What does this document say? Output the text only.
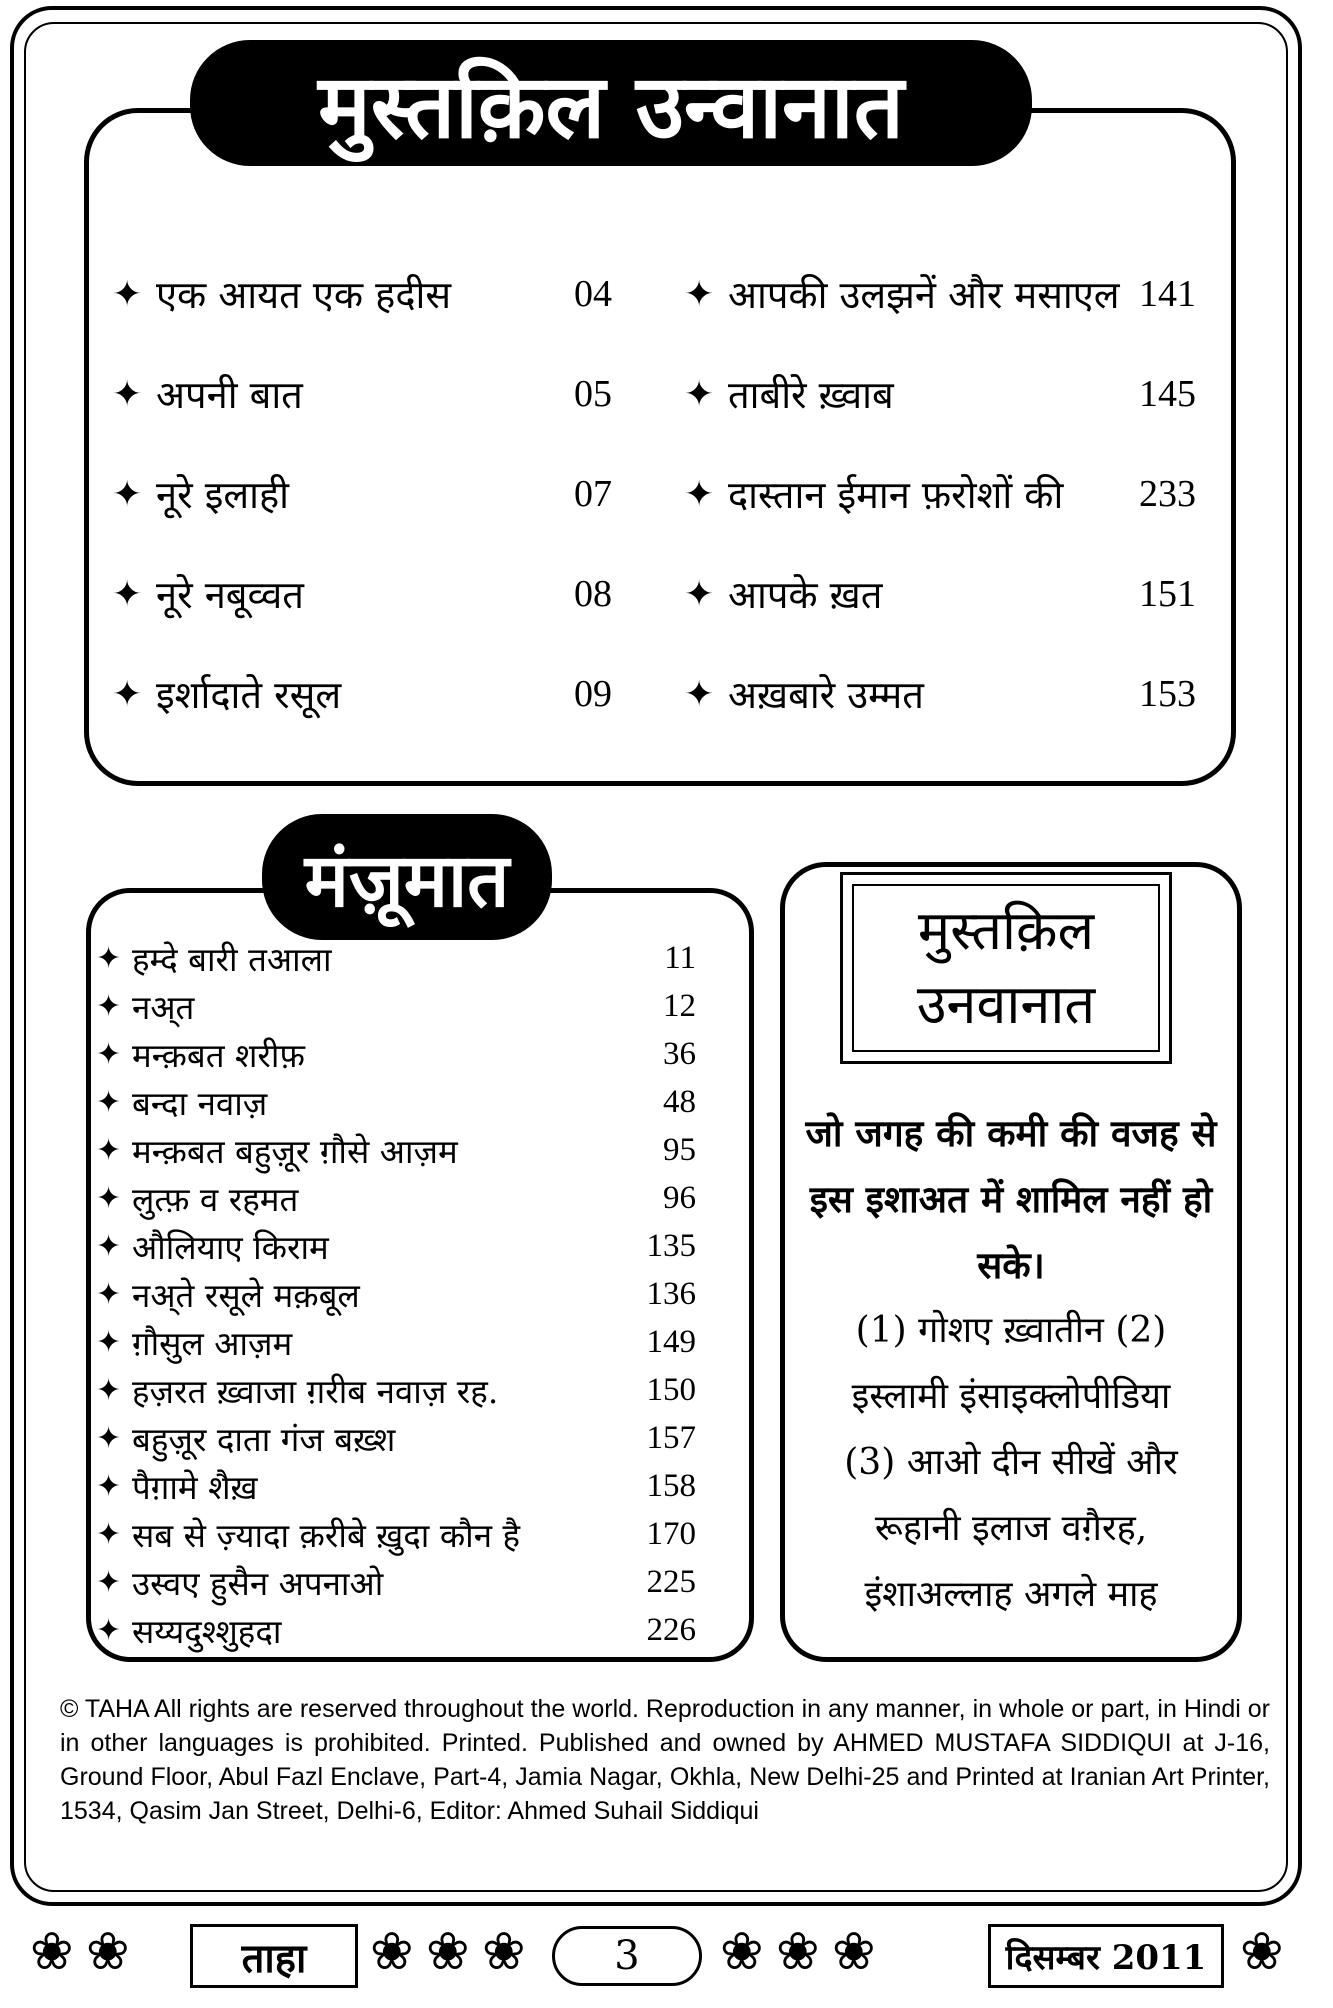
मुस्तक़िल उन्वानात
✦ एक आयत एक हदीस	04
✦ अपनी बात	05
✦ नूरे इलाही	07
✦ नूरे नबूव्वत	08
✦ इर्शादाते रसूल	09
✦ आपकी उलझनें और मसाएल 141
✦ ताबीरे ख़्वाब	145
✦ दास्तान ईमान फ़रोशों की	233
✦ आपके ख़त	151
✦ अख़बारे उम्मत	153
मंज़ूमात
✦ हम्दे बारी तआला	11
✦ नअ्त	12
✦ मन्क़बत शरीफ़	36
✦ बन्दा नवाज़	48
✦ मन्क़बत बहुज़ूर ग़ौसे आज़म	95
✦ लुत्फ़ व रहमत	96
✦ औलियाए किराम	135
✦ नअ्ते रसूले मक़बूल	136
✦ ग़ौसुल आज़म	149
✦ हज़रत ख़्वाजा ग़रीब नवाज़ रह.	150
✦ बहुज़ूर दाता गंज बख़्श	157
✦ पैग़ामे शैख़	158
✦ सब से ज़्यादा क़रीबे ख़ुदा कौन है	170
✦ उस्वए हुसैन अपनाओ	225
✦ सय्यदुश्शुहदा	226
मुस्तक़िल
उनवानात
जो जगह की कमी की वजह से इस इशाअत में शामिल नहीं हो सके।
(1) गोशए ख़्वातीन (2)
इस्लामी इंसाइक्लोपीडिया
(3) आओ दीन सीखें और
रूहानी इलाज वग़ैरह,
इंशाअल्लाह अगले माह
© TAHA All rights are reserved throughout the world. Reproduction in any manner, in whole or part, in Hindi or in other languages is prohibited. Printed. Published and owned by AHMED MUSTAFA SIDDIQUI at J-16, Ground Floor, Abul Fazl Enclave, Part-4, Jamia Nagar, Okhla, New Delhi-25 and Printed at Iranian Art Printer, 1534, Qasim Jan Street, Delhi-6, Editor: Ahmed Suhail Siddiqui
❀ ❀	ताहा	❀ ❀ ❀	3	❀ ❀ ❀	दिसम्बर 2011 ❀
